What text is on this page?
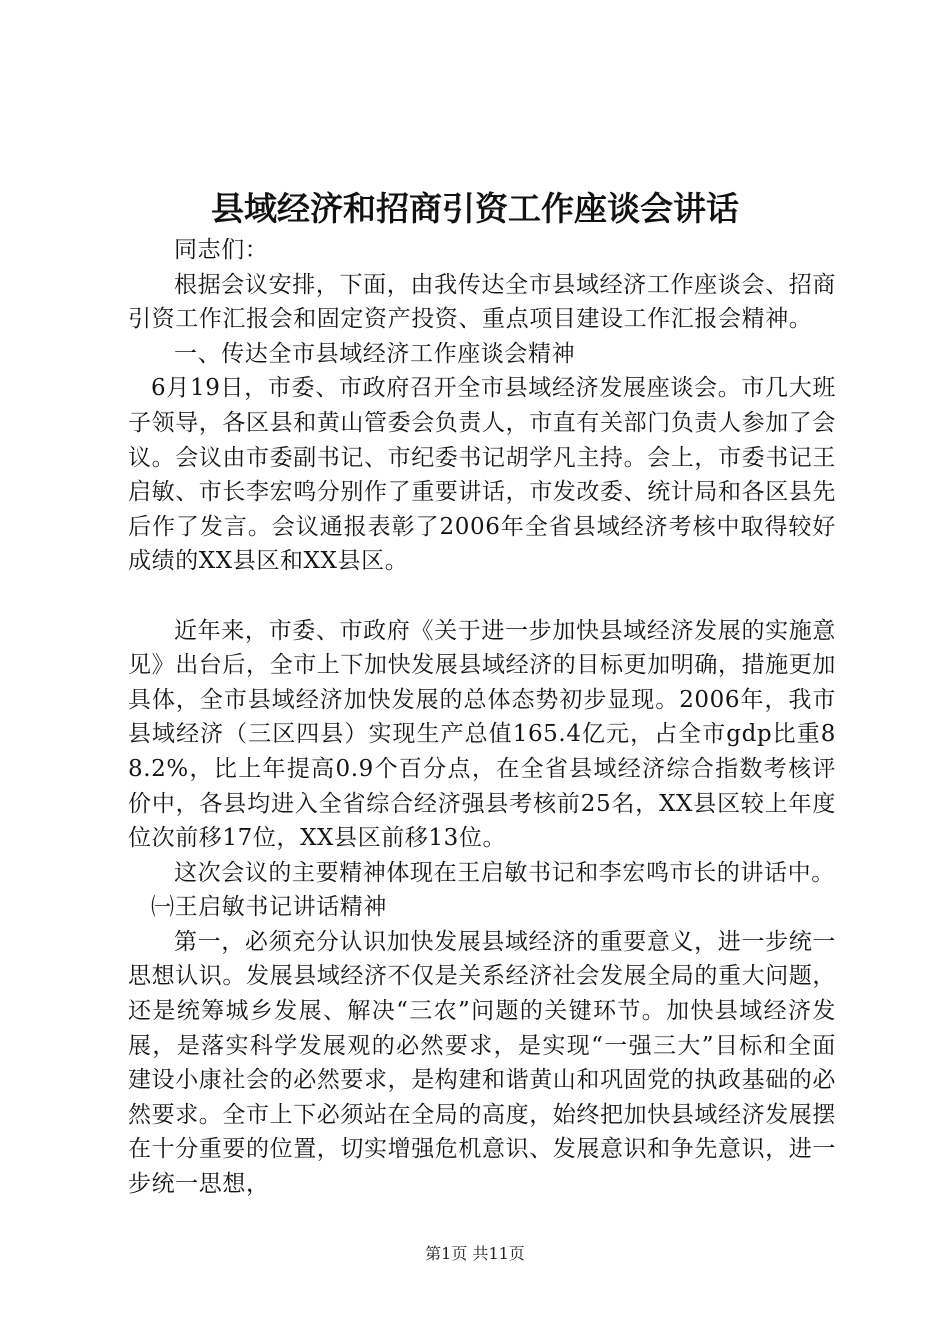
县域经济和招商引资工作座谈会讲话

同志们：

根据会议安排，下面，由我传达全市县域经济工作座谈会、招商引资工作汇报会和固定资产投资、重点项目建设工作汇报会精神。

一、传达全市县域经济工作座谈会精神

6月19日，市委、市政府召开全市县域经济发展座谈会。市几大班子领导，各区县和黄山管委会负责人，市直有关部门负责人参加了会议。会议由市委副书记、市纪委书记胡学凡主持。会上，市委书记王启敏、市长李宏鸣分别作了重要讲话，市发改委、统计局和各区县先后作了发言。会议通报表彰了2006年全省县域经济考核中取得较好成绩的XX县区和XX县区。

近年来，市委、市政府《关于进一步加快县域经济发展的实施意见》出台后，全市上下加快发展县域经济的目标更加明确，措施更加具体，全市县域经济加快发展的总体态势初步显现。2006年，我市县域经济（三区四县）实现生产总值165.4亿元，占全市gdp比重88.2%，比上年提高0.9个百分点，在全省县域经济综合指数考核评价中，各县均进入全省综合经济强县考核前25名，XX县区较上年度位次前移17位，XX县区前移13位。

这次会议的主要精神体现在王启敏书记和李宏鸣市长的讲话中。

㈠王启敏书记讲话精神

第一，必须充分认识加快发展县域经济的重要意义，进一步统一思想认识。发展县域经济不仅是关系经济社会发展全局的重大问题，还是统筹城乡发展、解决“三农”问题的关键环节。加快县域经济发展，是落实科学发展观的必然要求，是实现“一强三大”目标和全面建设小康社会的必然要求，是构建和谐黄山和巩固党的执政基础的必然要求。全市上下必须站在全局的高度，始终把加快县域经济发展摆在十分重要的位置，切实增强危机意识、发展意识和争先意识，进一步统一思想，

第1页 共11页
